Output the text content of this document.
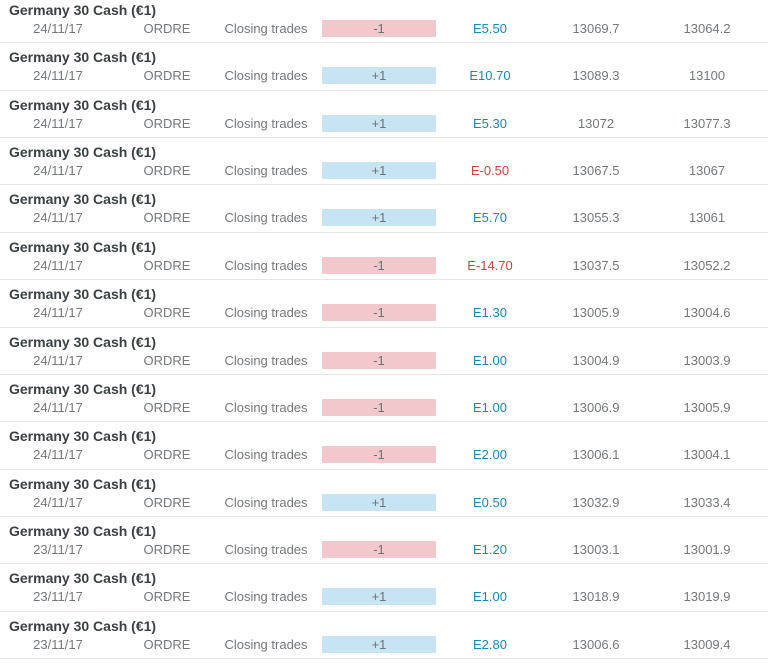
Germany 30 Cash (€1)
24/11/17	ORDRE	Closing trades	-1	E5.50	13069.7	13064.2
Germany 30 Cash (€1)
24/11/17	ORDRE	Closing trades	+1	E10.70	13089.3	13100
Germany 30 Cash (€1)
24/11/17	ORDRE	Closing trades	+1	E5.30	13072	13077.3
Germany 30 Cash (€1)
24/11/17	ORDRE	Closing trades	+1	E-0.50	13067.5	13067
Germany 30 Cash (€1)
24/11/17	ORDRE	Closing trades	+1	E5.70	13055.3	13061
Germany 30 Cash (€1)
24/11/17	ORDRE	Closing trades	-1	E-14.70	13037.5	13052.2
Germany 30 Cash (€1)
24/11/17	ORDRE	Closing trades	-1	E1.30	13005.9	13004.6
Germany 30 Cash (€1)
24/11/17	ORDRE	Closing trades	-1	E1.00	13004.9	13003.9
Germany 30 Cash (€1)
24/11/17	ORDRE	Closing trades	-1	E1.00	13006.9	13005.9
Germany 30 Cash (€1)
24/11/17	ORDRE	Closing trades	-1	E2.00	13006.1	13004.1
Germany 30 Cash (€1)
24/11/17	ORDRE	Closing trades	+1	E0.50	13032.9	13033.4
Germany 30 Cash (€1)
23/11/17	ORDRE	Closing trades	-1	E1.20	13003.1	13001.9
Germany 30 Cash (€1)
23/11/17	ORDRE	Closing trades	+1	E1.00	13018.9	13019.9
Germany 30 Cash (€1)
23/11/17	ORDRE	Closing trades	+1	E2.80	13006.6	13009.4
